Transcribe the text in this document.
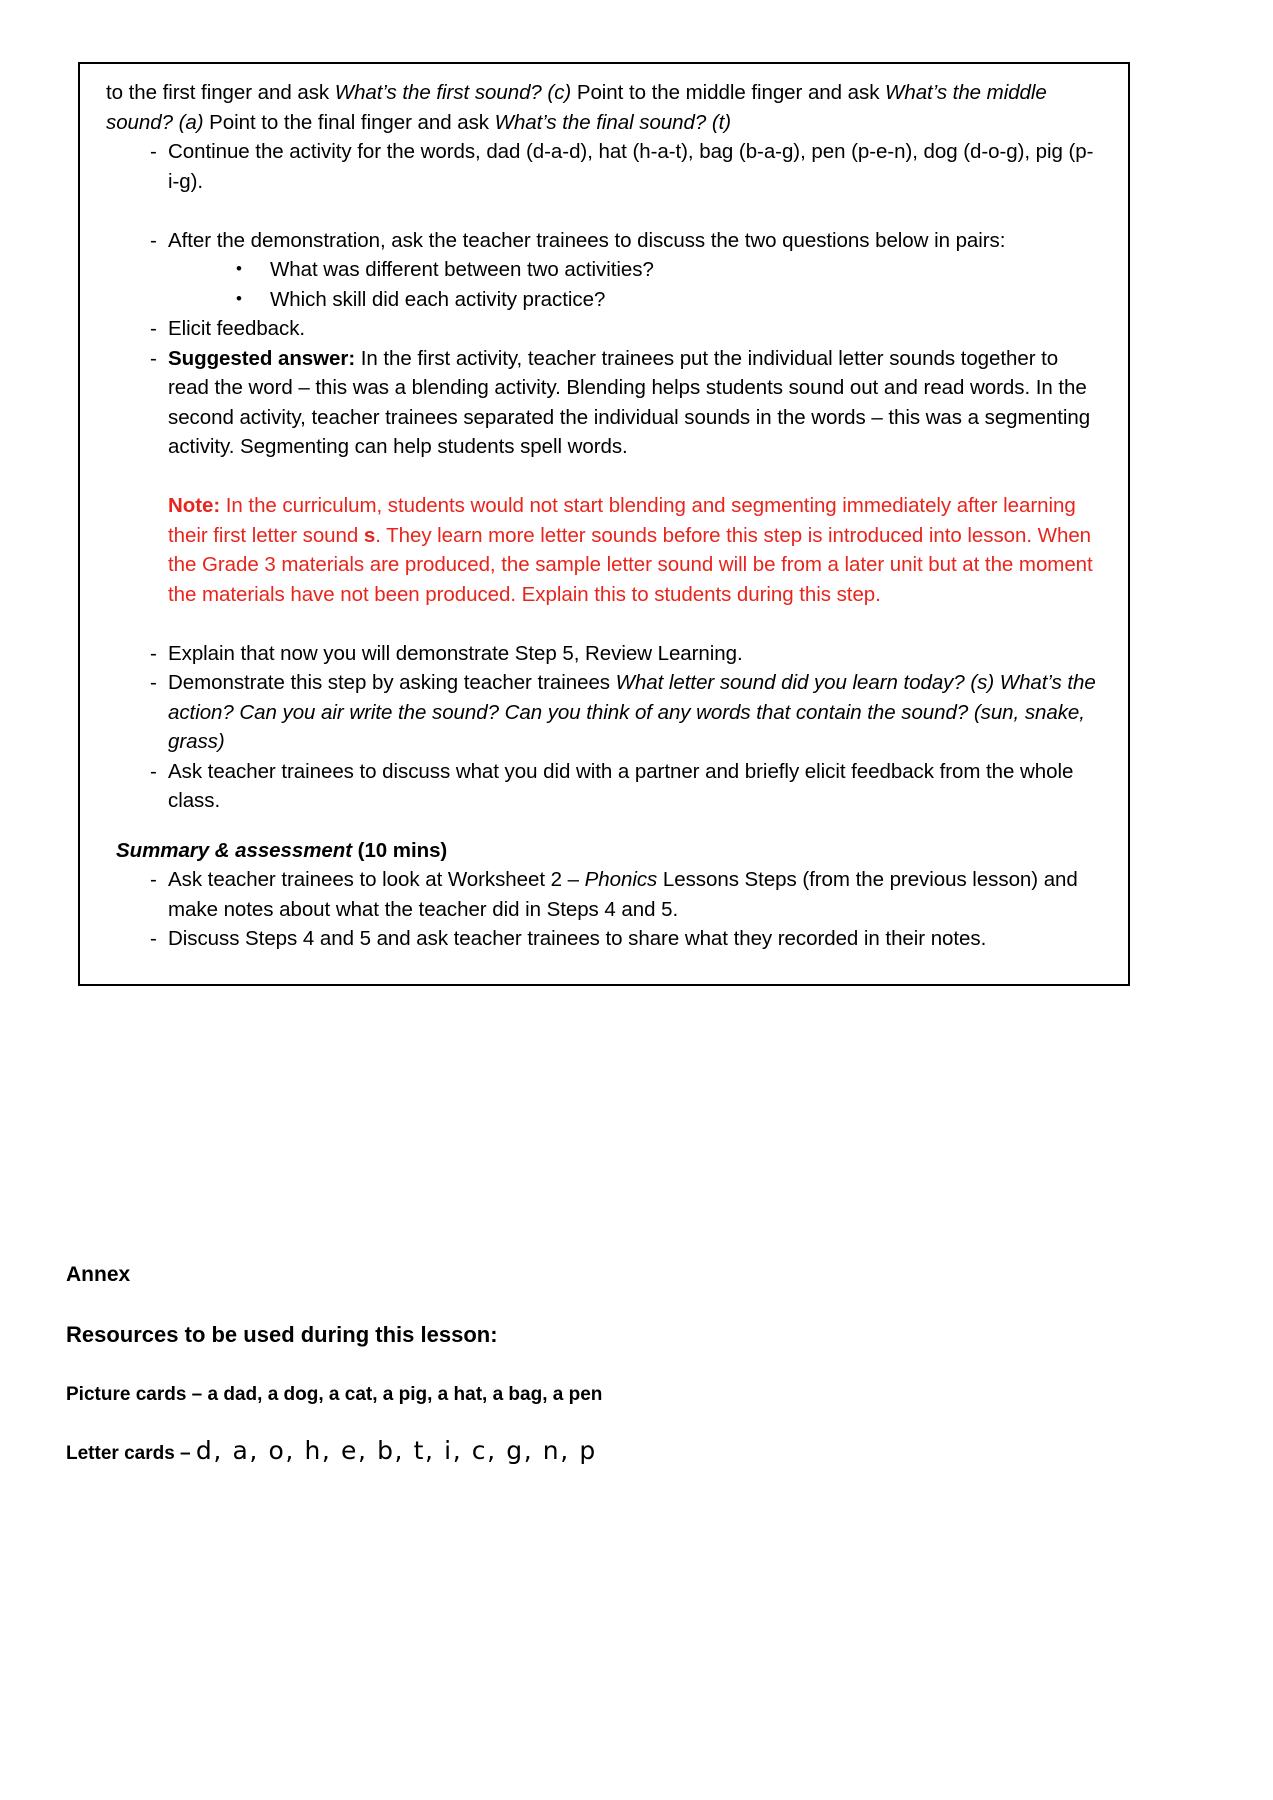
to the first finger and ask What’s the first sound? (c) Point to the middle finger and ask What’s the middle sound? (a) Point to the final finger and ask What’s the final sound? (t)
- Continue the activity for the words, dad (d-a-d), hat (h-a-t), bag (b-a-g), pen (p-e-n), dog (d-o-g), pig (p-i-g).
- After the demonstration, ask the teacher trainees to discuss the two questions below in pairs:
• What was different between two activities?
• Which skill did each activity practice?
- Elicit feedback.
- Suggested answer: In the first activity, teacher trainees put the individual letter sounds together to read the word – this was a blending activity. Blending helps students sound out and read words. In the second activity, teacher trainees separated the individual sounds in the words – this was a segmenting activity. Segmenting can help students spell words.
Note: In the curriculum, students would not start blending and segmenting immediately after learning their first letter sound s. They learn more letter sounds before this step is introduced into lesson. When the Grade 3 materials are produced, the sample letter sound will be from a later unit but at the moment the materials have not been produced. Explain this to students during this step.
- Explain that now you will demonstrate Step 5, Review Learning.
- Demonstrate this step by asking teacher trainees What letter sound did you learn today? (s) What’s the action? Can you air write the sound? Can you think of any words that contain the sound? (sun, snake, grass)
- Ask teacher trainees to discuss what you did with a partner and briefly elicit feedback from the whole class.
Summary & assessment (10 mins)
- Ask teacher trainees to look at Worksheet 2 – Phonics Lessons Steps (from the previous lesson) and make notes about what the teacher did in Steps 4 and 5.
- Discuss Steps 4 and 5 and ask teacher trainees to share what they recorded in their notes.
Annex
Resources to be used during this lesson:

Picture cards – a dad, a dog, a cat, a pig, a hat, a bag, a pen

Letter cards – d, a, o, h, e, b, t, i, c, g, n, p
